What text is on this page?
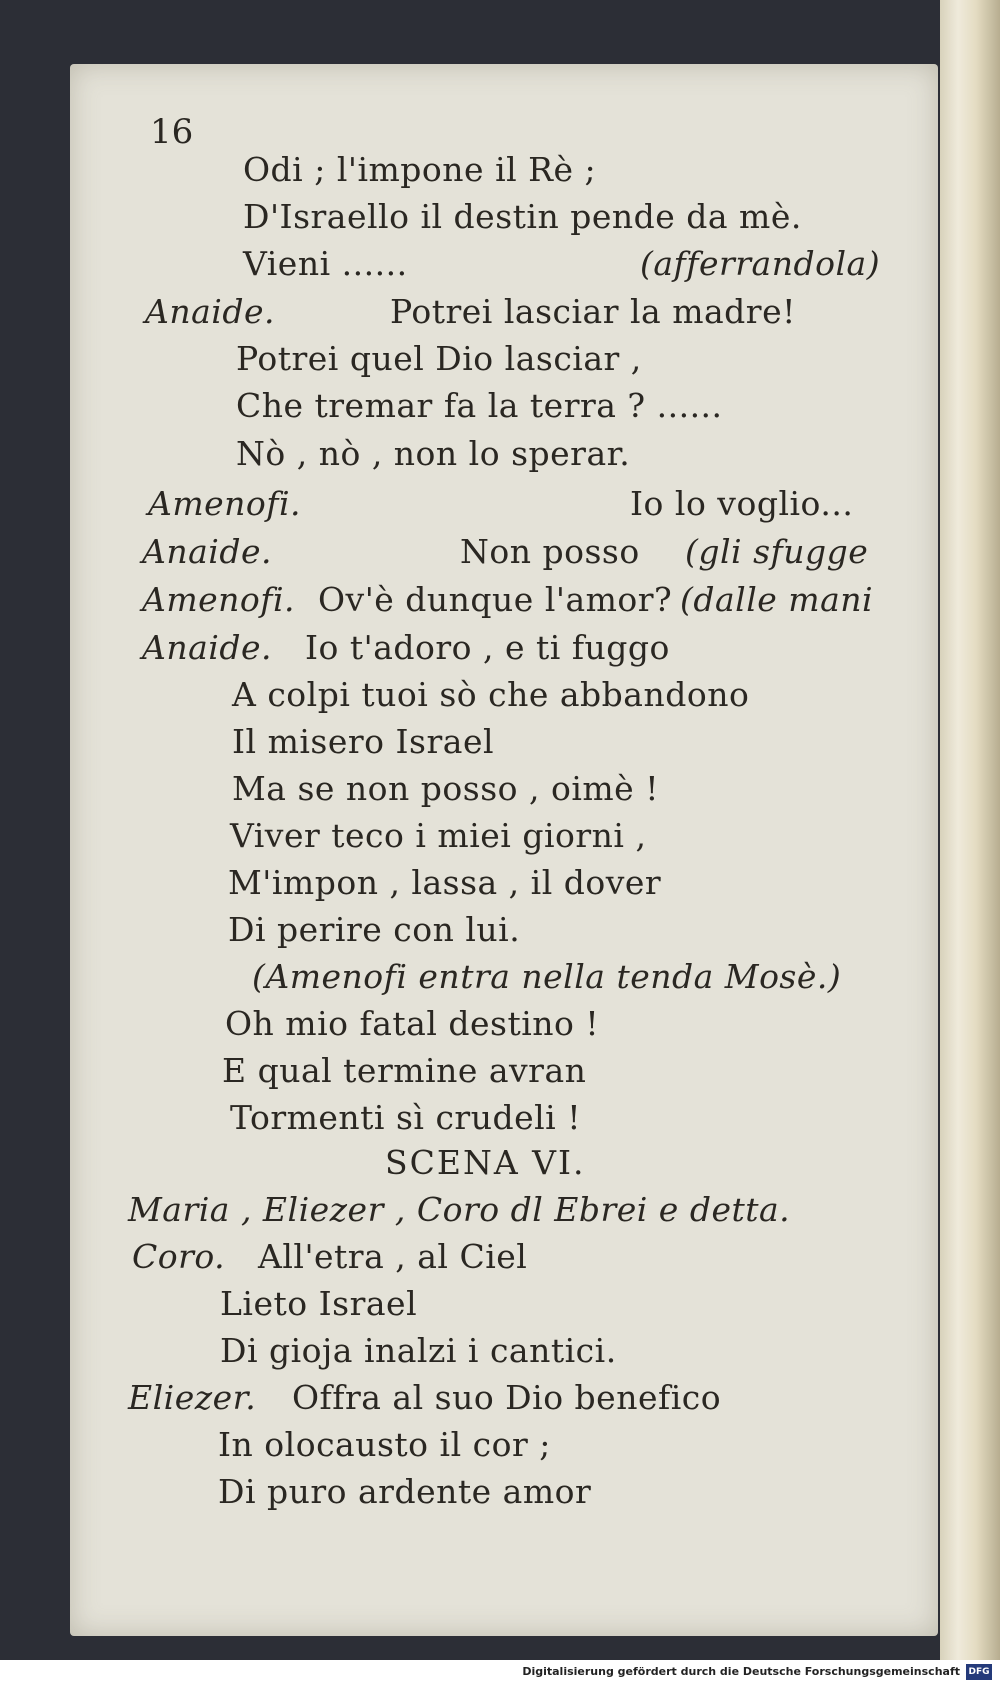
16
Odi ; l'impone il Rè ;
D'Israello il destin pende da mè.
Vieni ......	(afferrandola)
Anaide.	Potrei lasciar la madre!
Potrei quel Dio lasciar ,
Che tremar fa la terra ? ......
Nò , nò , non lo sperar.
Amenofi.	Io lo voglio...
Anaide.	Non posso (gli sfugge
Amenofi. Ov'è dunque l'amor? (dalle mani
Anaide. Io t'adoro , e ti fuggo
A colpi tuoi sò che abbandono
Il misero Israel
Ma se non posso , oimè !
Viver teco i miei giorni ,
M'impon , lassa , il dover
Di perire con lui.
(Amenofi entra nella tenda Mosè.)
Oh mio fatal destino !
E qual termine avran
Tormenti sì crudeli !
SCENA VI.
Maria , Eliezer , Coro dl Ebrei e detta.
Coro. All'etra , al Ciel
Lieto Israel
Di gioja inalzi i cantici.
Eliezer. Offra al suo Dio benefico
In olocausto il cor ;
Di puro ardente amor
Digitalisierung gefördert durch die Deutsche Forschungsgemeinschaft DFG
